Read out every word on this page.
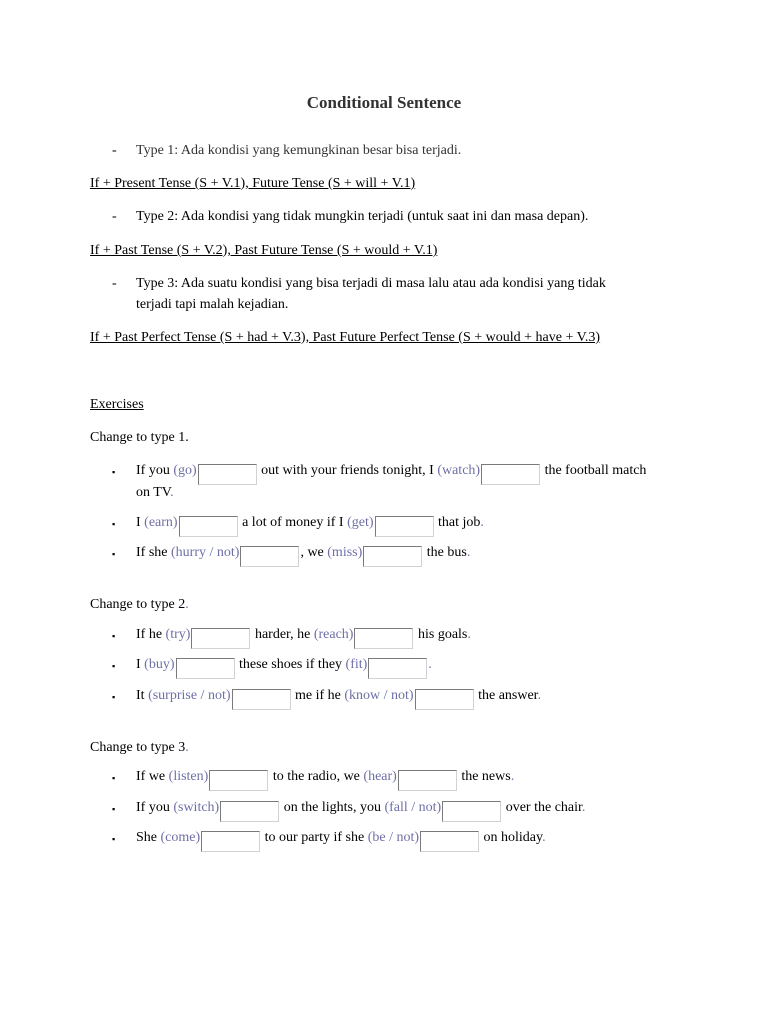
Conditional Sentence
- Type 1: Ada kondisi yang kemungkinan besar bisa terjadi.
If + Present Tense (S + V.1), Future Tense (S + will + V.1)
- Type 2: Ada kondisi yang tidak mungkin terjadi (untuk saat ini dan masa depan).
If + Past Tense (S + V.2), Past Future Tense (S + would + V.1)
- Type 3: Ada suatu kondisi yang bisa terjadi di masa lalu atau ada kondisi yang tidak
terjadi tapi malah kejadian.
If + Past Perfect Tense (S + had + V.3), Past Future Perfect Tense (S + would + have + V.3)
Exercises
Change to type 1.
▪ If you (go)	out with your friends tonight, I (watch)	the football match
on TV.
▪ I (earn)	a lot of money if I (get)	that job.
▪ If she (hurry / not)	, we (miss)	the bus.
Change to type 2.
▪ If he (try)	harder, he (reach)	his goals.
▪ I (buy)	these shoes if they (fit)	.
▪ It (surprise / not)	me if he (know / not)	the answer.
Change to type 3.
▪ If we (listen)	to the radio, we (hear)	the news.
▪ If you (switch)	on the lights, you (fall / not)	over the chair.
▪ She (come)	to our party if she (be / not)	on holiday.
